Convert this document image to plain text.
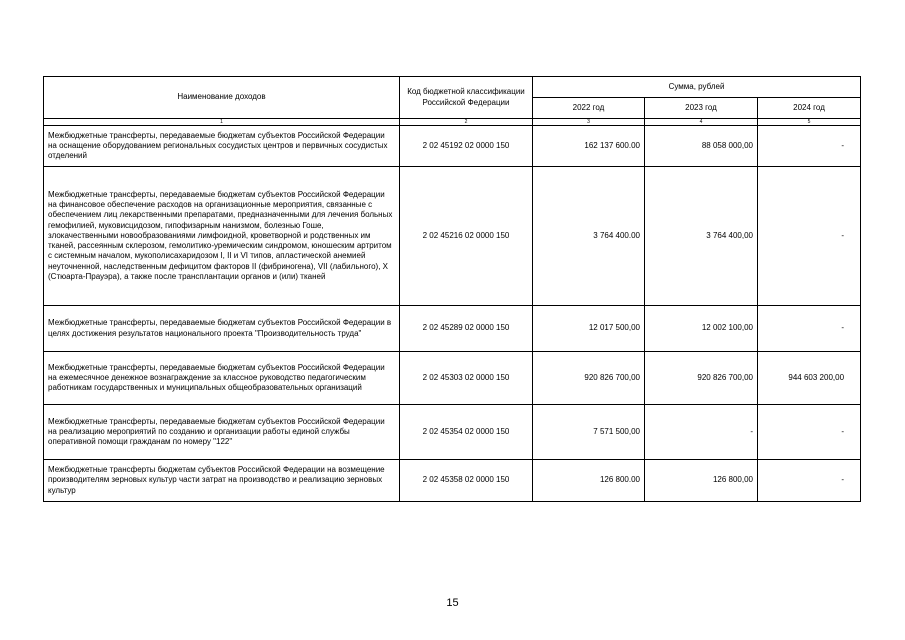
Наименование доходов	Код бюджетной классификации Российской Федерации	Сумма, рублей		
		2022 год	2023 год	2024 год
1	2	3	4	5
Межбюджетные трансферты, передаваемые бюджетам субъектов Российской Федерации на оснащение оборудованием региональных сосудистых центров и первичных сосудистых отделений	2 02 45192 02 0000 150	162 137 600.00	88 058 000,00	-
Межбюджетные трансферты, передаваемые бюджетам субъектов Российской Федерации на финансовое обеспечение расходов на организационные мероприятия, связанные с обеспечением лиц лекарственными препаратами, предназначенными для лечения больных гемофилией, муковисцидозом, гипофизарным нанизмом, болезнью Гоше, злокачественными новообразованиями лимфоидной, кроветворной и родственных им тканей, рассеянным склерозом, гемолитико-уремическим синдромом, юношеским артритом с системным началом, мукополисахаридозом I, II и VI типов, апластической анемией неуточненной, наследственным дефицитом факторов II (фибриногена), VII (лабильного), X (Стюарта-Прауэра), а также после трансплантации органов и (или) тканей	2 02 45216 02 0000 150	3 764 400.00	3 764 400,00	-
Межбюджетные трансферты, передаваемые бюджетам субъектов Российской Федерации в целях достижения результатов национального проекта "Производительность труда"	2 02 45289 02 0000 150	12 017 500,00	12 002 100,00	-
Межбюджетные трансферты, передаваемые бюджетам субъектов Российской Федерации на ежемесячное денежное вознаграждение за классное руководство педагогическим работникам государственных и муниципальных общеобразовательных организаций	2 02 45303 02 0000 150	920 826 700,00	920 826 700,00	944 603 200,00
Межбюджетные трансферты, передаваемые бюджетам субъектов Российской Федерации на реализацию мероприятий по созданию и организации работы единой службы оперативной помощи гражданам по номеру "122"	2 02 45354 02 0000 150	7 571 500,00	-	-
Межбюджетные трансферты бюджетам субъектов Российской Федерации на возмещение производителям зерновых культур части затрат на производство и реализацию зерновых культур	2 02 45358 02 0000 150	126 800.00	126 800,00	-
15
